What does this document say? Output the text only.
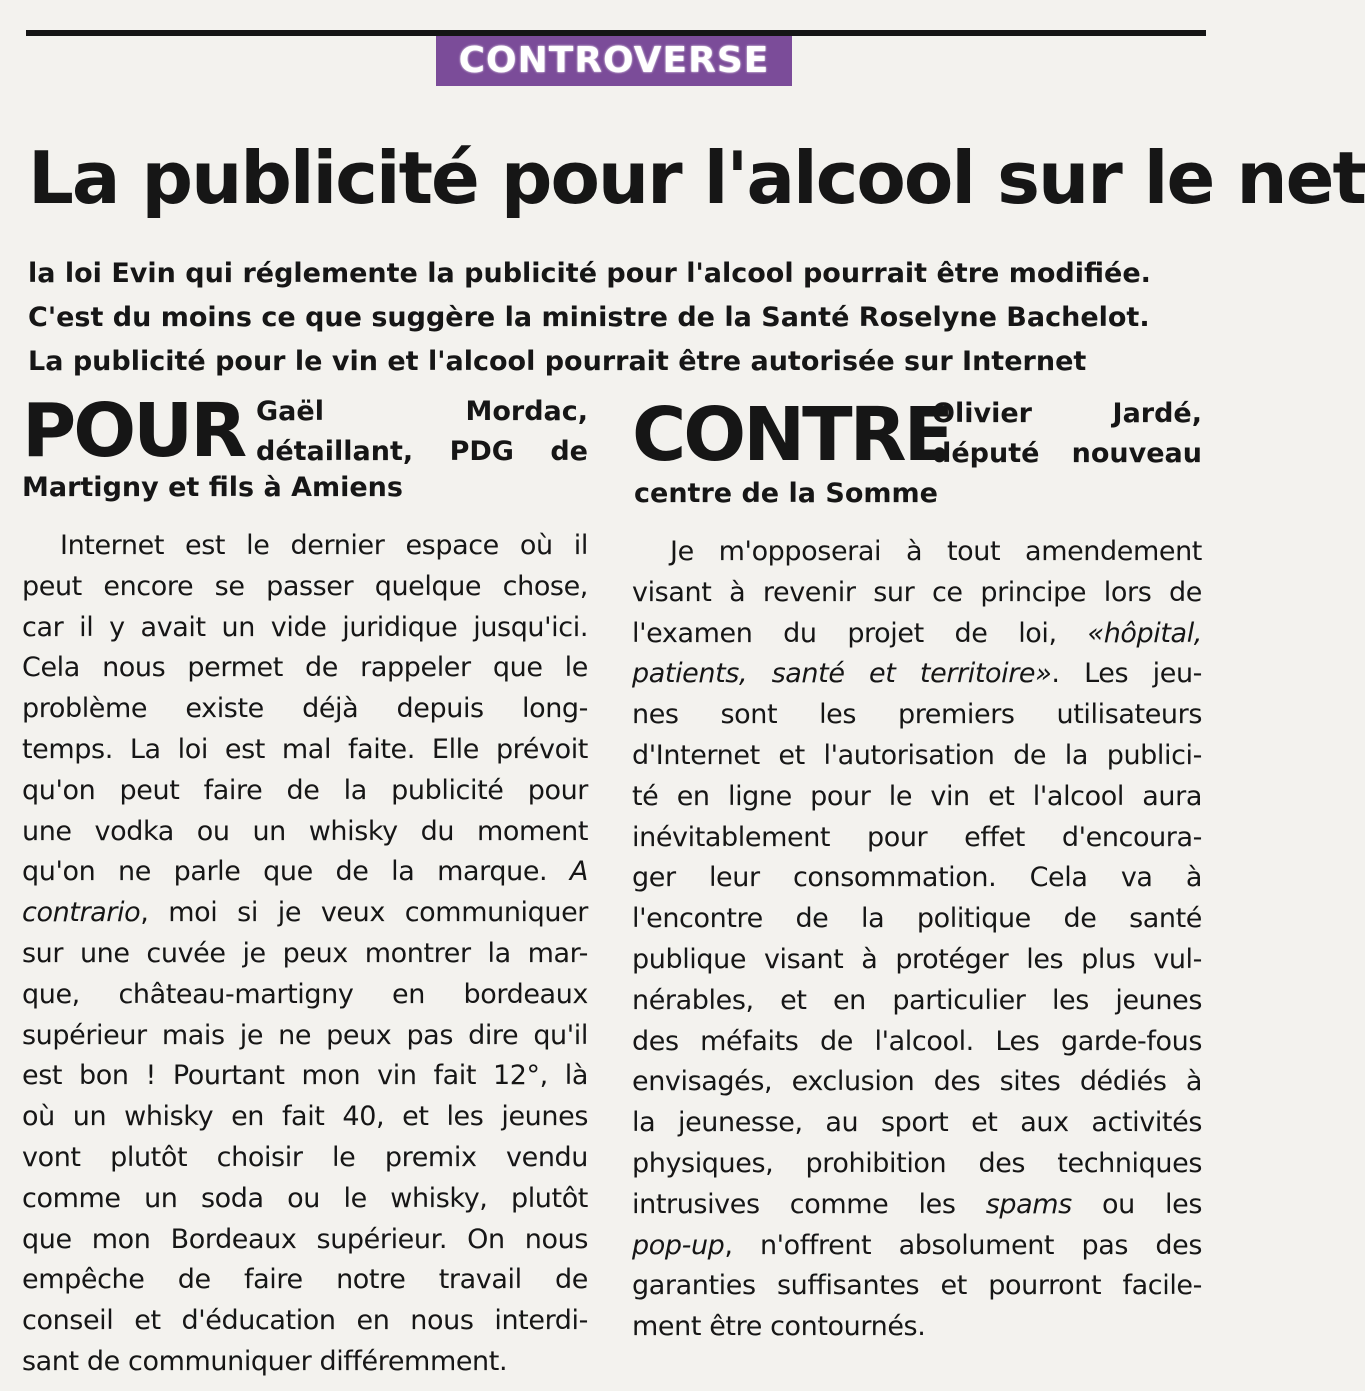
CONTROVERSE
La publicité pour l'alcool sur le net
la loi Evin qui réglemente la publicité pour l'alcool pourrait être modifiée.
C'est du moins ce que suggère la ministre de la Santé Roselyne Bachelot.
La publicité pour le vin et l'alcool pourrait être autorisée sur Internet
POUR Gaël Mordac,
détaillant, PDG de
Martigny et fils à Amiens
Internet est le dernier espace où il
peut encore se passer quelque chose,
car il y avait un vide juridique jusqu'ici.
Cela nous permet de rappeler que le
problème existe déjà depuis long-
temps. La loi est mal faite. Elle prévoit
qu'on peut faire de la publicité pour
une vodka ou un whisky du moment
qu'on ne parle que de la marque. A
contrario, moi si je veux communiquer
sur une cuvée je peux montrer la mar-
que, château-martigny en bordeaux
supérieur mais je ne peux pas dire qu'il
est bon ! Pourtant mon vin fait 12°, là
où un whisky en fait 40, et les jeunes
vont plutôt choisir le premix vendu
comme un soda ou le whisky, plutôt
que mon Bordeaux supérieur. On nous
empêche de faire notre travail de
conseil et d'éducation en nous interdi-
sant de communiquer différemment.
CONTRE
Olivier Jardé,
député nouveau
centre de la Somme
Je m'opposerai à tout amendement
visant à revenir sur ce principe lors de
l'examen du projet de loi, «hôpital,
patients, santé et territoire». Les jeu-
nes sont les premiers utilisateurs
d'Internet et l'autorisation de la publici-
té en ligne pour le vin et l'alcool aura
inévitablement pour effet d'encoura-
ger leur consommation. Cela va à
l'encontre de la politique de santé
publique visant à protéger les plus vul-
nérables, et en particulier les jeunes
des méfaits de l'alcool. Les garde-fous
envisagés, exclusion des sites dédiés à
la jeunesse, au sport et aux activités
physiques, prohibition des techniques
intrusives comme les spams ou les
pop-up, n'offrent absolument pas des
garanties suffisantes et pourront facile-
ment être contournés.
